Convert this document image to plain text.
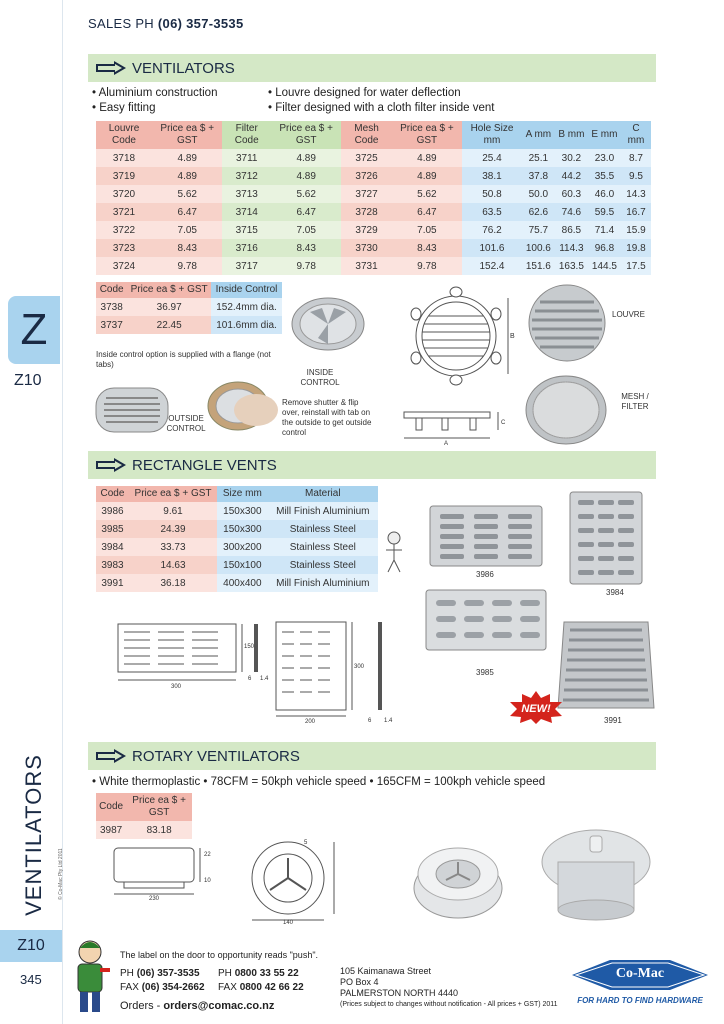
Z
Z10
VENTILATORS
Z10
345
© Co-Mac Pty Ltd 2011
SALES PH (06) 357-3535
VENTILATORS
• Aluminium construction
• Easy fitting
• Louvre designed for water deflection
• Filter designed with a cloth filter inside vent
Louvre Code	Price ea $ + GST	Filter Code	Price ea $ + GST	Mesh Code	Price ea $ + GST	Hole Size mm	A mm	B mm	E mm	C mm
3718	4.89	3711	4.89	3725	4.89	25.4	25.1	30.2	23.0	8.7
3719	4.89	3712	4.89	3726	4.89	38.1	37.8	44.2	35.5	9.5
3720	5.62	3713	5.62	3727	5.62	50.8	50.0	60.3	46.0	14.3
3721	6.47	3714	6.47	3728	6.47	63.5	62.6	74.6	59.5	16.7
3722	7.05	3715	7.05	3729	7.05	76.2	75.7	86.5	71.4	15.9
3723	8.43	3716	8.43	3730	8.43	101.6	100.6	114.3	96.8	19.8
3724	9.78	3717	9.78	3731	9.78	152.4	151.6	163.5	144.5	17.5
Code	Price ea $ + GST	Inside Control
3738	36.97	152.4mm dia.
3737	22.45	101.6mm dia.
Inside control option is supplied with a flange (not tabs)
INSIDE CONTROL
OUTSIDE CONTROL
Remove shutter & flip over, reinstall with tab on the outside to get outside control
B
A
C
LOUVRE
MESH / FILTER
RECTANGLE VENTS
Code	Price ea $ + GST	Size mm	Material
3986	9.61	150x300	Mill Finish Aluminium
3985	24.39	150x300	Stainless Steel
3984	33.73	300x200	Stainless Steel
3983	14.63	150x100	Stainless Steel
3991	36.18	400x400	Mill Finish Aluminium
3986
3984
3985
3991
NEW!
300
150
6 1.4
200
300
6 1.4
ROTARY VENTILATORS
• White thermoplastic • 78CFM = 50kph vehicle speed • 165CFM = 100kph vehicle speed
Code	Price ea $ + GST
3987	83.18
230
22
10
140
5
The label on the door to opportunity reads "push".
PH (06) 357-3535 PH 0800 33 55 22
FAX (06) 354-2662 FAX 0800 42 66 22
Orders - orders@comac.co.nz
105 Kaimanawa Street
PO Box 4
PALMERSTON NORTH 4440
(Prices subject to changes without notification - All prices + GST) 2011
Co-Mac
FOR HARD TO FIND HARDWARE
